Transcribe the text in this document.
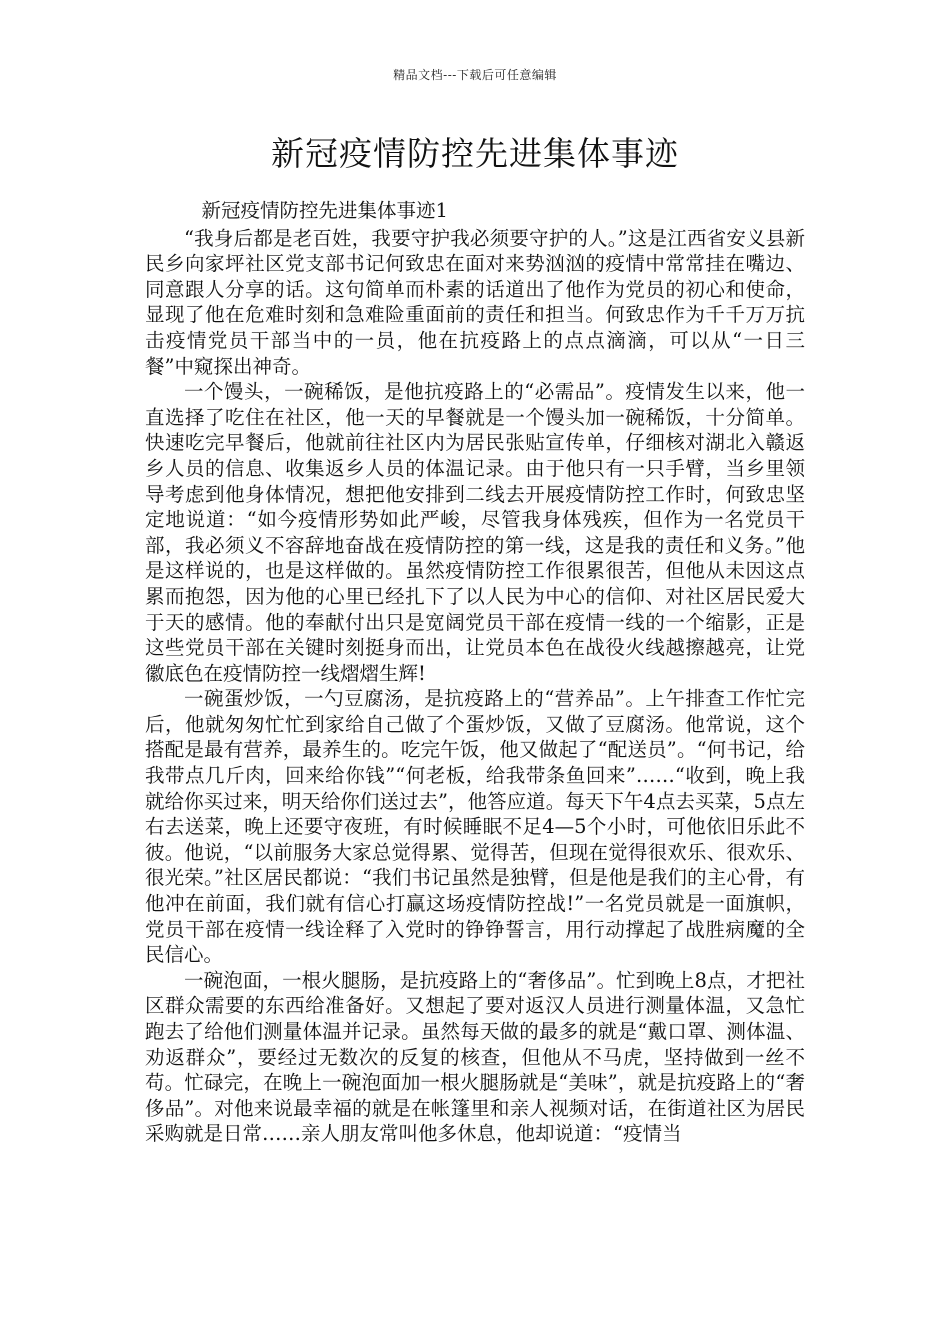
精品文档---下载后可任意编辑
新冠疫情防控先进集体事迹

新冠疫情防控先进集体事迹1

“我身后都是老百姓，我要守护我必须要守护的人。”这是江西省安义县新民乡向家坪社区党支部书记何致忠在面对来势汹汹的疫情中常常挂在嘴边、同意跟人分享的话。这句简单而朴素的话道出了他作为党员的初心和使命，显现了他在危难时刻和急难险重面前的责任和担当。何致忠作为千千万万抗击疫情党员干部当中的一员，他在抗疫路上的点点滴滴，可以从“一日三餐”中窥探出神奇。

一个馒头，一碗稀饭，是他抗疫路上的“必需品”。疫情发生以来，他一直选择了吃住在社区，他一天的早餐就是一个馒头加一碗稀饭，十分简单。快速吃完早餐后，他就前往社区内为居民张贴宣传单，仔细核对湖北入赣返乡人员的信息、收集返乡人员的体温记录。由于他只有一只手臂，当乡里领导考虑到他身体情况，想把他安排到二线去开展疫情防控工作时，何致忠坚定地说道：“如今疫情形势如此严峻，尽管我身体残疾，但作为一名党员干部，我必须义不容辞地奋战在疫情防控的第一线，这是我的责任和义务。”他是这样说的，也是这样做的。虽然疫情防控工作很累很苦，但他从未因这点累而抱怨，因为他的心里已经扎下了以人民为中心的信仰、对社区居民爱大于天的感情。他的奉献付出只是宽阔党员干部在疫情一线的一个缩影，正是这些党员干部在关键时刻挺身而出，让党员本色在战役火线越擦越亮，让党徽底色在疫情防控一线熠熠生辉!

一碗蛋炒饭，一勺豆腐汤，是抗疫路上的“营养品”。上午排查工作忙完后，他就匆匆忙忙到家给自己做了个蛋炒饭，又做了豆腐汤。他常说，这个搭配是最有营养，最养生的。吃完午饭，他又做起了“配送员”。“何书记，给我带点几斤肉，回来给你钱”“何老板，给我带条鱼回来”……“收到，晚上我就给你买过来，明天给你们送过去”，他答应道。每天下午4点去买菜，5点左右去送菜，晚上还要守夜班，有时候睡眠不足4—5个小时，可他依旧乐此不彼。他说，“以前服务大家总觉得累、觉得苦，但现在觉得很欢乐、很欢乐、很光荣。”社区居民都说：“我们书记虽然是独臂，但是他是我们的主心骨，有他冲在前面，我们就有信心打赢这场疫情防控战!”一名党员就是一面旗帜，党员干部在疫情一线诠释了入党时的铮铮誓言，用行动撑起了战胜病魔的全民信心。

一碗泡面，一根火腿肠，是抗疫路上的“奢侈品”。忙到晚上8点，才把社区群众需要的东西给准备好。又想起了要对返汉人员进行测量体温，又急忙跑去了给他们测量体温并记录。虽然每天做的最多的就是“戴口罩、测体温、劝返群众”，要经过无数次的反复的核查，但他从不马虎，坚持做到一丝不苟。忙碌完，在晚上一碗泡面加一根火腿肠就是“美味”，就是抗疫路上的“奢侈品”。对他来说最幸福的就是在帐篷里和亲人视频对话，在街道社区为居民采购就是日常……亲人朋友常叫他多休息，他却说道：“疫情当
